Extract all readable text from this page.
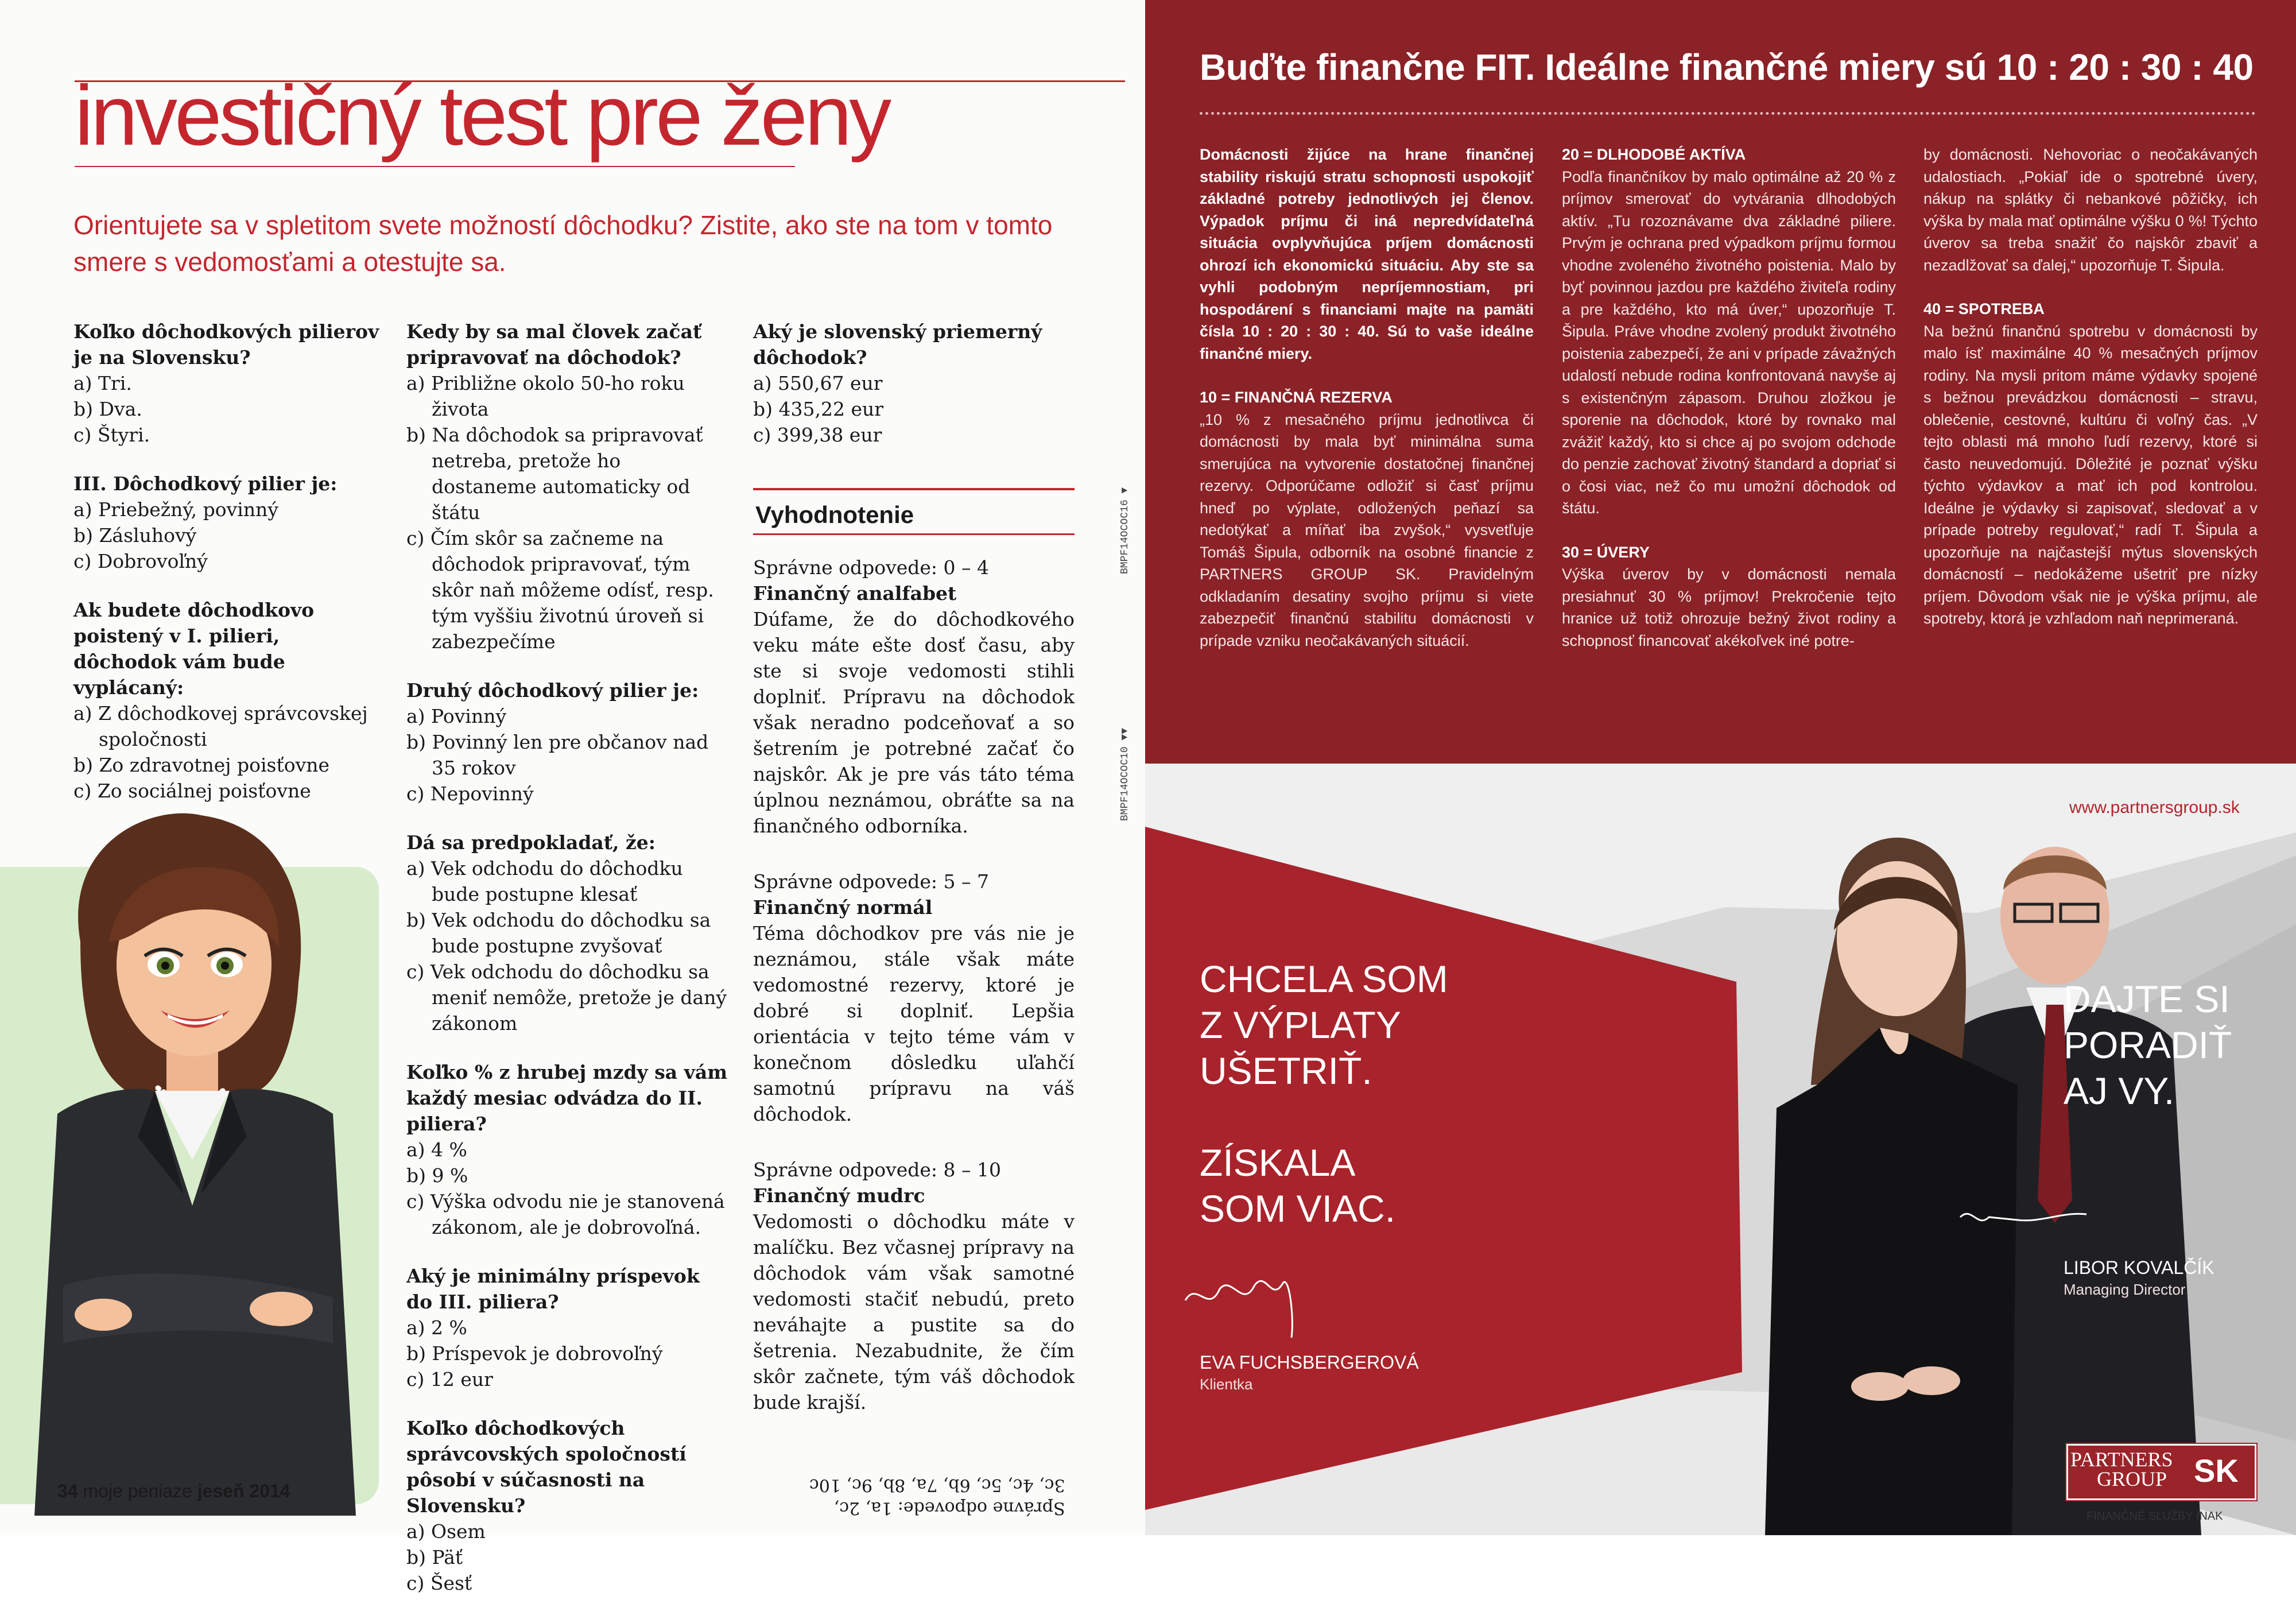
investičný test pre ženy
Orientujete sa v spletitom svete možností dôchodku? Zistite, ako ste na tom v tomto smere s vedomosťami a otestujte sa.
Koľko dôchodkových pilierov je na Slovensku?
a) Tri.
b) Dva.
c) Štyri.
III. Dôchodkový pilier je:
a) Priebežný, povinný
b) Zásluhový
c) Dobrovoľný
Ak budete dôchodkovo poistený v I. pilieri, dôchodok vám bude vyplácaný:
a) Z dôchodkovej správcovskej spoločnosti
b) Zo zdravotnej poisťovne
c) Zo sociálnej poisťovne
Kedy by sa mal človek začať pripravovať na dôchodok?
a) Približne okolo 50-ho roku života
b) Na dôchodok sa pripravovať netreba, pretože ho dostaneme automaticky od štátu
c) Čím skôr sa začneme na dôchodok pripravovať, tým skôr naň môžeme odísť, resp. tým vyššiu životnú úroveň si zabezpečíme
Druhý dôchodkový pilier je:
a) Povinný
b) Povinný len pre občanov nad 35 rokov
c) Nepovinný
Dá sa predpokladať, že:
a) Vek odchodu do dôchodku bude postupne klesať
b) Vek odchodu do dôchodku sa bude postupne zvyšovať
c) Vek odchodu do dôchodku sa meniť nemôže, pretože je daný zákonom
Koľko % z hrubej mzdy sa vám každý mesiac odvádza do II. piliera?
a) 4 %
b) 9 %
c) Výška odvodu nie je stanovená zákonom, ale je dobrovoľná.
Aký je minimálny príspevok do III. piliera?
a) 2 %
b) Príspevok je dobrovoľný
c) 12 eur
Koľko dôchodkových správcovských spoločností pôsobí v súčasnosti na Slovensku?
a) Osem
b) Päť
c) Šesť
Aký je slovenský priemerný dôchodok?
a) 550,67 eur
b) 435,22 eur
c) 399,38 eur
Vyhodnotenie

Správne odpovede: 0 – 4

Finančný analfabet

Dúfame, že do dôchodkového veku máte ešte dosť času, aby ste si svoje vedomosti stihli doplniť. Prípravu na dôchodok však neradno podceňovať a so šetrením je potrebné začať čo najskôr. Ak je pre vás táto téma úplnou neznámou, obráťte sa na finančného odborníka.

Správne odpovede: 5 – 7

Finančný normál

Téma dôchodkov pre vás nie je neznámou, stále však máte vedomostné rezervy, ktoré je dobré si doplniť. Lepšia orientácia v tejto téme vám v konečnom dôsledku uľahčí samotnú prípravu na váš dôchodok.

Správne odpovede: 8 – 10

Finančný mudrc

Vedomosti o dôchodku máte v malíčku. Bez včasnej prípravy na dôchodok vám však samotné vedomosti stačiť nebudú, preto neváhajte a pustite sa do šetrenia. Nezabudnite, že čím skôr začnete, tým váš dôchodok bude krajší.

34 moje peniaze jeseň 2014
Správne odpovede: 1a, 2c,
3c, 4c, 5c, 6b, 7a, 8b, 9c, 10c
BMPF14OCOC16 ▼
BMPF14OCOC10 ▼▼
Buďte finančne FIT. Ideálne finančné miery sú 10 : 20 : 30 : 40

Domácnosti žijúce na hrane finančnej stability riskujú stratu schopnosti uspokojiť základné potreby jednotlivých jej členov. Výpadok príjmu či iná nepredvídateľná situácia ovplyvňujúca príjem domácnosti ohrozí ich ekonomickú situáciu. Aby ste sa vyhli podobným nepríjemnostiam, pri hospodárení s financiami majte na pamäti čísla 10 : 20 : 30 : 40. Sú to vaše ideálne finančné miery.

10 = FINANČNÁ REZERVA

„10 % z mesačného príjmu jednotlivca či domácnosti by mala byť minimálna suma smerujúca na vytvorenie dostatočnej finančnej rezervy. Odporúčame odložiť si časť príjmu hneď po výplate, odložených peňazí sa nedotýkať a míňať iba zvyšok,“ vysvetľuje Tomáš Šipula, odborník na osobné financie z PARTNERS GROUP SK. Pravidelným odkladaním desatiny svojho príjmu si viete zabezpečiť finančnú stabilitu domácnosti v prípade vzniku neočakávaných situácií.

20 = DLHODOBÉ AKTÍVA

Podľa finančníkov by malo optimálne až 20 % z príjmov smerovať do vytvárania dlhodobých aktív. „Tu rozoznávame dva základné piliere. Prvým je ochrana pred výpadkom príjmu formou vhodne zvoleného životného poistenia. Malo by byť povinnou jazdou pre každého živiteľa rodiny a pre každého, kto má úver,“ upozorňuje T. Šipula. Práve vhodne zvolený produkt životného poistenia zabezpečí, že ani v prípade závažných udalostí nebude rodina konfrontovaná navyše aj s existenčným zápasom. Druhou zložkou je sporenie na dôchodok, ktoré by rovnako mal zvážiť každý, kto si chce aj po svojom odchode do penzie zachovať životný štandard a dopriať si o čosi viac, než čo mu umožní dôchodok od štátu.

30 = ÚVERY

Výška úverov by v domácnosti nemala presiahnuť 30 % príjmov! Prekročenie tejto hranice už totiž ohrozuje bežný život rodiny a schopnosť financovať akékoľvek iné potre-

by domácnosti. Nehovoriac o neočakávaných udalostiach. „Pokiaľ ide o spotrebné úvery, nákup na splátky či nebankové pôžičky, ich výška by mala mať optimálne výšku 0 %! Týchto úverov sa treba snažiť čo najskôr zbaviť a nezadlžovať sa ďalej,“ upozorňuje T. Šipula.

40 = SPOTREBA

Na bežnú finančnú spotrebu v domácnosti by malo ísť maximálne 40 % mesačných príjmov rodiny. Na mysli pritom máme výdavky spojené s bežnou prevádzkou domácnosti – stravu, oblečenie, cestovné, kultúru či voľný čas. „V tejto oblasti má mnoho ľudí rezervy, ktoré si často neuvedomujú. Dôležité je poznať výšku týchto výdavkov a mať ich pod kontrolou. Ideálne je výdavky si zapisovať, sledovať a v prípade potreby regulovať,“ radí T. Šipula a upozorňuje na najčastejší mýtus slovenských domácností – nedokážeme ušetriť pre nízky príjem. Dôvodom však nie je výška príjmu, ale spotreby, ktorá je vzhľadom naň neprimeraná.

www.partnersgroup.sk
CHCELA SOM
Z VÝPLATY
UŠETRIŤ.
ZÍSKALA
SOM VIAC.
DAJTE SI
PORADIŤ
AJ VY.
EVA FUCHSBERGEROVÁ
Klientka
LIBOR KOVALČÍK
Managing Director
PARTNERS
GROUP SK
FINANČNÉ SLUŽBY INAK
